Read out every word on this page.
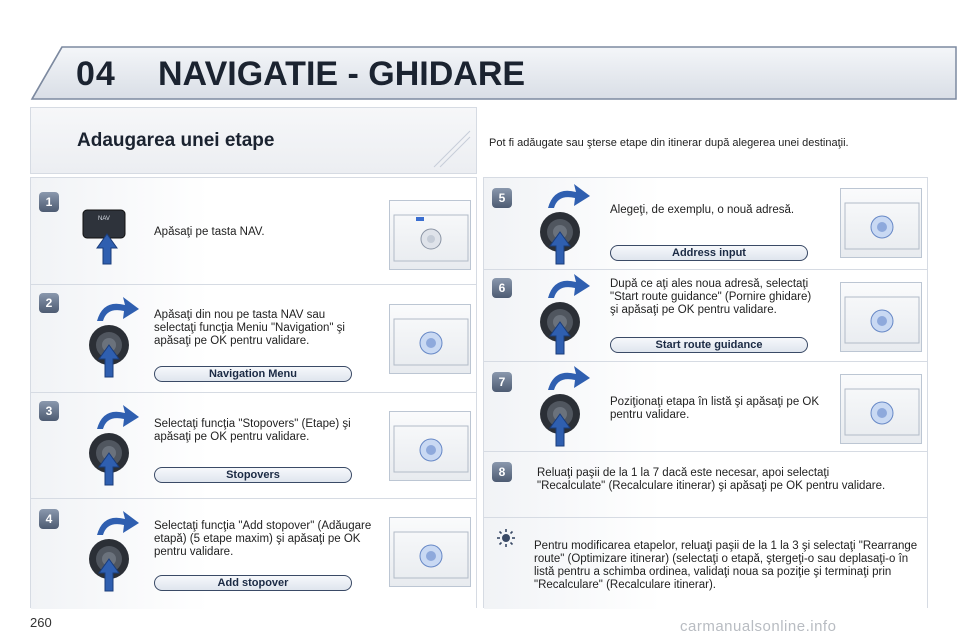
04 NAVIGATIE - GHIDARE
Adaugarea unei etape	Pot fi adăugate sau şterse etape din itinerar după alegerea unei destinaţii.
1
NAV
Apăsaţi pe tasta NAV.
2
Apăsaţi din nou pe tasta NAV sau selectaţi funcţia Meniu "Navigation" şi apăsaţi pe OK pentru validare.
Navigation Menu
3
Selectaţi funcţia "Stopovers" (Etape) şi apăsaţi pe OK pentru validare.
Stopovers
4	Selectaţi funcţia "Add stopover" (Adăugare etapă) (5 etape maxim) şi apăsaţi pe OK pentru validare.
Add stopover
5
Alegeţi, de exemplu, o nouă adresă.
Address input
6	După ce aţi ales noua adresă, selectaţi "Start route guidance" (Pornire ghidare) şi apăsaţi pe OK pentru validare.
Start route guidance
7
Poziţionaţi etapa în listă şi apăsaţi pe OK pentru validare.
8	Reluaţi paşii de la 1 la 7 dacă este necesar, apoi selectaţi "Recalculate" (Recalculare itinerar) şi apăsaţi pe OK pentru validare.
Pentru modificarea etapelor, reluaţi paşii de la 1 la 3 şi selectaţi "Rearrange route" (Optimizare itinerar) (selectaţi o etapă, ştergeţi-o sau deplasaţi-o în listă pentru a schimba ordinea, validaţi noua sa poziţie şi terminaţi prin "Recalculare" (Recalculare itinerar).
260	carmanualsonline.info
